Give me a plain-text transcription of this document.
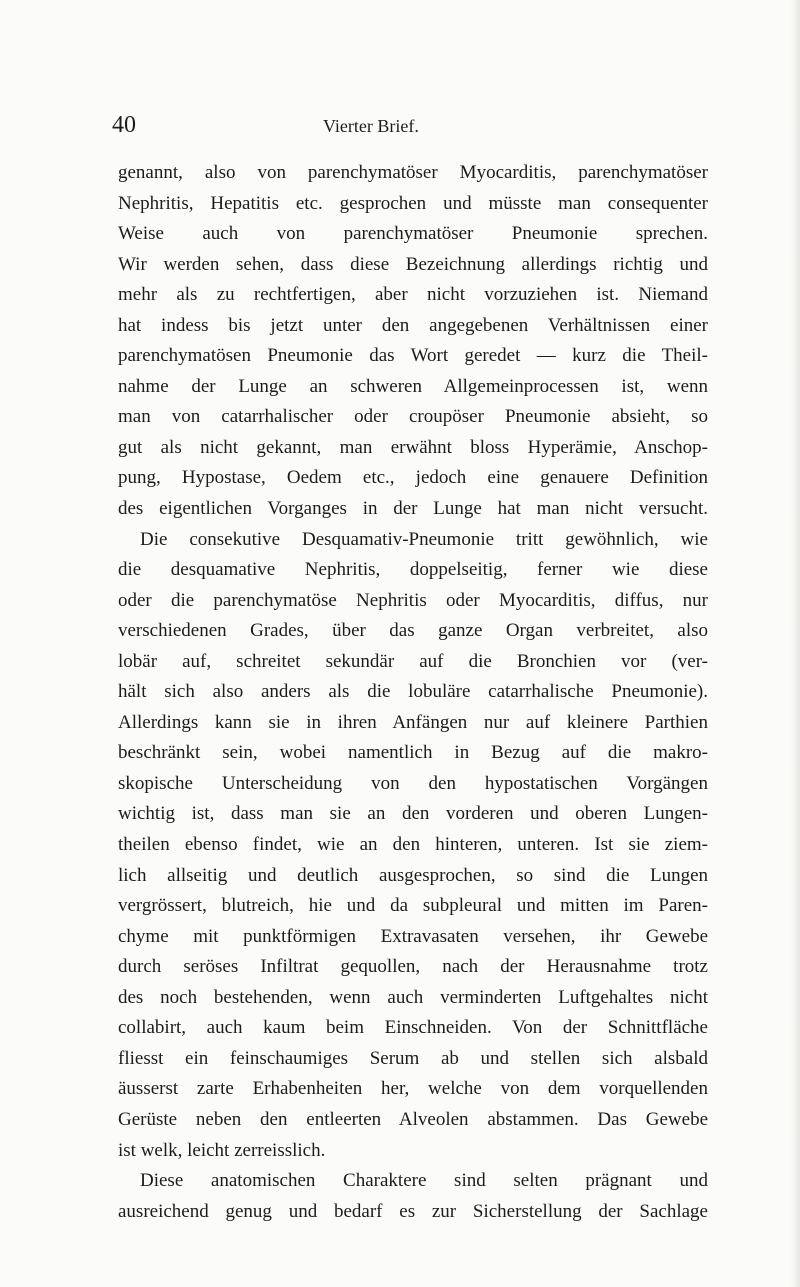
40	Vierter Brief.
genannt, also von parenchymatöser Myocarditis, parenchymatöser
Nephritis, Hepatitis etc. gesprochen und müsste man consequenter
Weise auch von parenchymatöser Pneumonie sprechen.
Wir werden sehen, dass diese Bezeichnung allerdings richtig und
mehr als zu rechtfertigen, aber nicht vorzuziehen ist. Niemand
hat indess bis jetzt unter den angegebenen Verhältnissen einer
parenchymatösen Pneumonie das Wort geredet — kurz die Theil-
nahme der Lunge an schweren Allgemeinprocessen ist, wenn
man von catarrhalischer oder croupöser Pneumonie absieht, so
gut als nicht gekannt, man erwähnt bloss Hyperämie, Anschop-
pung, Hypostase, Oedem etc., jedoch eine genauere Definition
des eigentlichen Vorganges in der Lunge hat man nicht versucht.
Die consekutive Desquamativ-Pneumonie tritt gewöhnlich, wie
die desquamative Nephritis, doppelseitig, ferner wie diese
oder die parenchymatöse Nephritis oder Myocarditis, diffus, nur
verschiedenen Grades, über das ganze Organ verbreitet, also
lobär auf, schreitet sekundär auf die Bronchien vor (ver-
hält sich also anders als die lobuläre catarrhalische Pneumonie).
Allerdings kann sie in ihren Anfängen nur auf kleinere Parthien
beschränkt sein, wobei namentlich in Bezug auf die makro-
skopische Unterscheidung von den hypostatischen Vorgängen
wichtig ist, dass man sie an den vorderen und oberen Lungen-
theilen ebenso findet, wie an den hinteren, unteren. Ist sie ziem-
lich allseitig und deutlich ausgesprochen, so sind die Lungen
vergrössert, blutreich, hie und da subpleural und mitten im Paren-
chyme mit punktförmigen Extravasaten versehen, ihr Gewebe
durch seröses Infiltrat gequollen, nach der Herausnahme trotz
des noch bestehenden, wenn auch verminderten Luftgehaltes nicht
collabirt, auch kaum beim Einschneiden. Von der Schnittfläche
fliesst ein feinschaumiges Serum ab und stellen sich alsbald
äusserst zarte Erhabenheiten her, welche von dem vorquellenden
Gerüste neben den entleerten Alveolen abstammen. Das Gewebe
ist welk, leicht zerreisslich.
Diese anatomischen Charaktere sind selten prägnant und
ausreichend genug und bedarf es zur Sicherstellung der Sachlage
